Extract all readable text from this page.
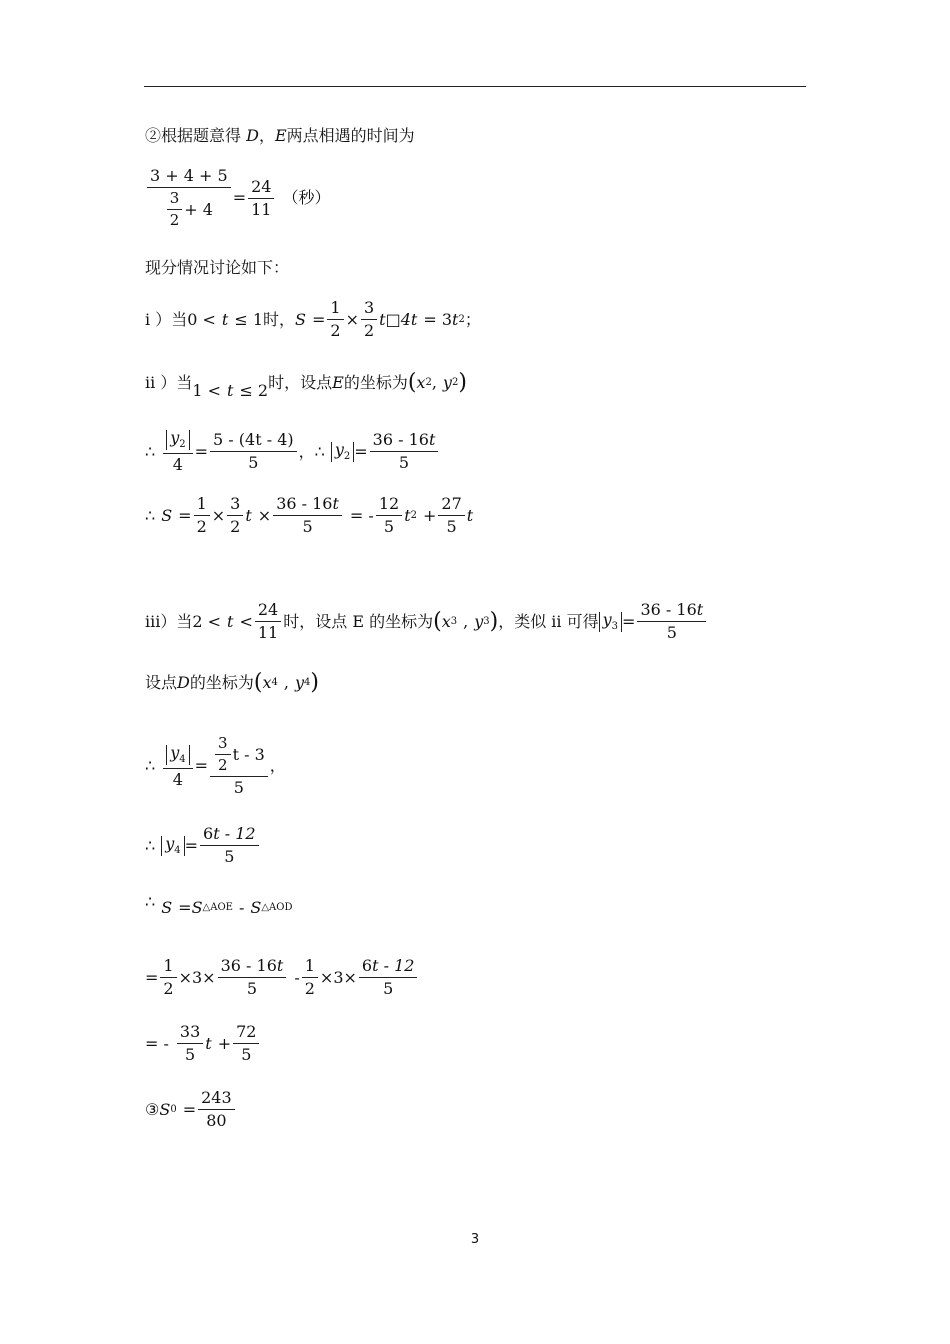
②根据题意得 D，E两点相遇的时间为
$\frac{3 + 4 + 5}{\frac{3}{2} + 4} = \frac{24}{11}$ （秒）
现分情况讨论如下：
i ）当 0 < t ≤ 1 时， $S = \frac{1}{2} \times \frac{3}{2}$ t□4t = 3 t 2 ；
ii ）当 1 < t ≤ 2 时，设点 E 的坐标为 ( x 2 , y 2 )
∴ $\frac{y_2}{4} = \frac{5 - (4t - 4)}{5}$ ， ∴ $y_2 = \frac{36 - 16 t}{5}$
∴ $S = \frac{1}{2} \times \frac{3}{2}$ $t \times \frac{36 - 16 t}{5}$ = - $\frac{12}{5}$ t $2 + \frac{27}{5}$ t
iii）当 $2 < t < \frac{24}{11}$ 时，设点 E 的坐标为 ( x 3 , y 3 ) ，类似 ii 可得 $y_3 = \frac{36 - 16 t}{5}$
设点 D 的坐标为 ( x 4 , y 4 )
∴ $\frac{y_4}{4} = \frac{\frac{3}{2} t - 3}{5}$ ，
∴ $y_4 = \frac{6 t - 12}{5}$
∴ S = S △AOE - S △AOD
= $\frac{1}{2} \times 3\times \frac{36 - 16 t}{5} - \frac{1}{2} \times 3\times \frac{6 t - 12}{5}$
= - $\frac{33}{5}$ $t + \frac{72}{5}$
③ S $0 = \frac{243}{80}$
3
